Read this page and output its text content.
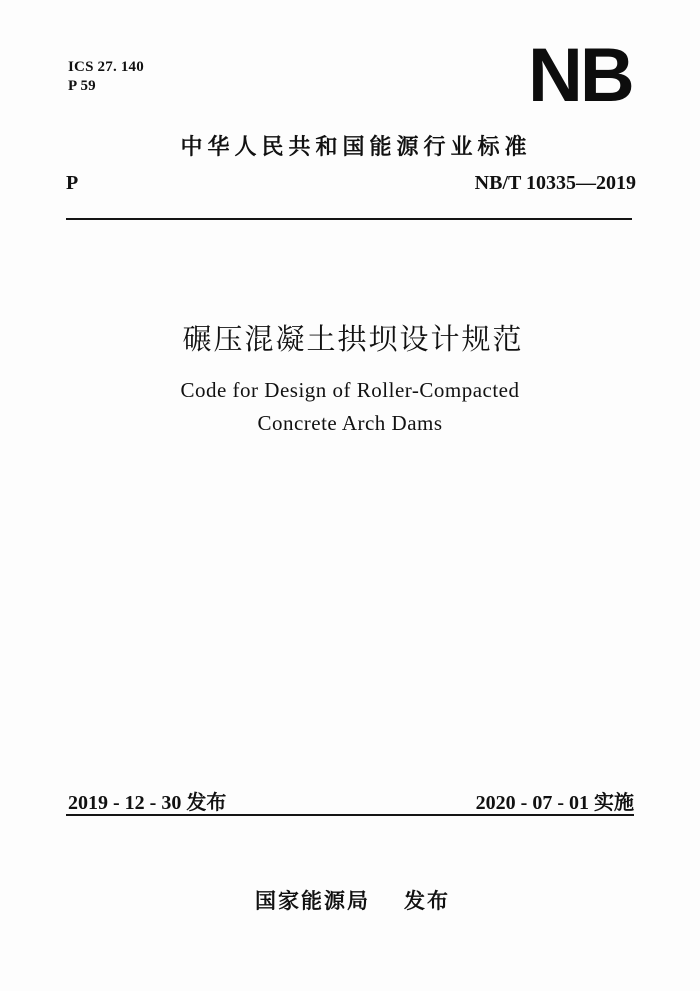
ICS 27. 140
P 59	NB
中华人民共和国能源行业标准
P	NB/T 10335—2019
碾压混凝土拱坝设计规范
Code for Design of Roller-Compacted
Concrete Arch Dams
2019 - 12 - 30 发布	2020 - 07 - 01 实施
国家能源局 发布
